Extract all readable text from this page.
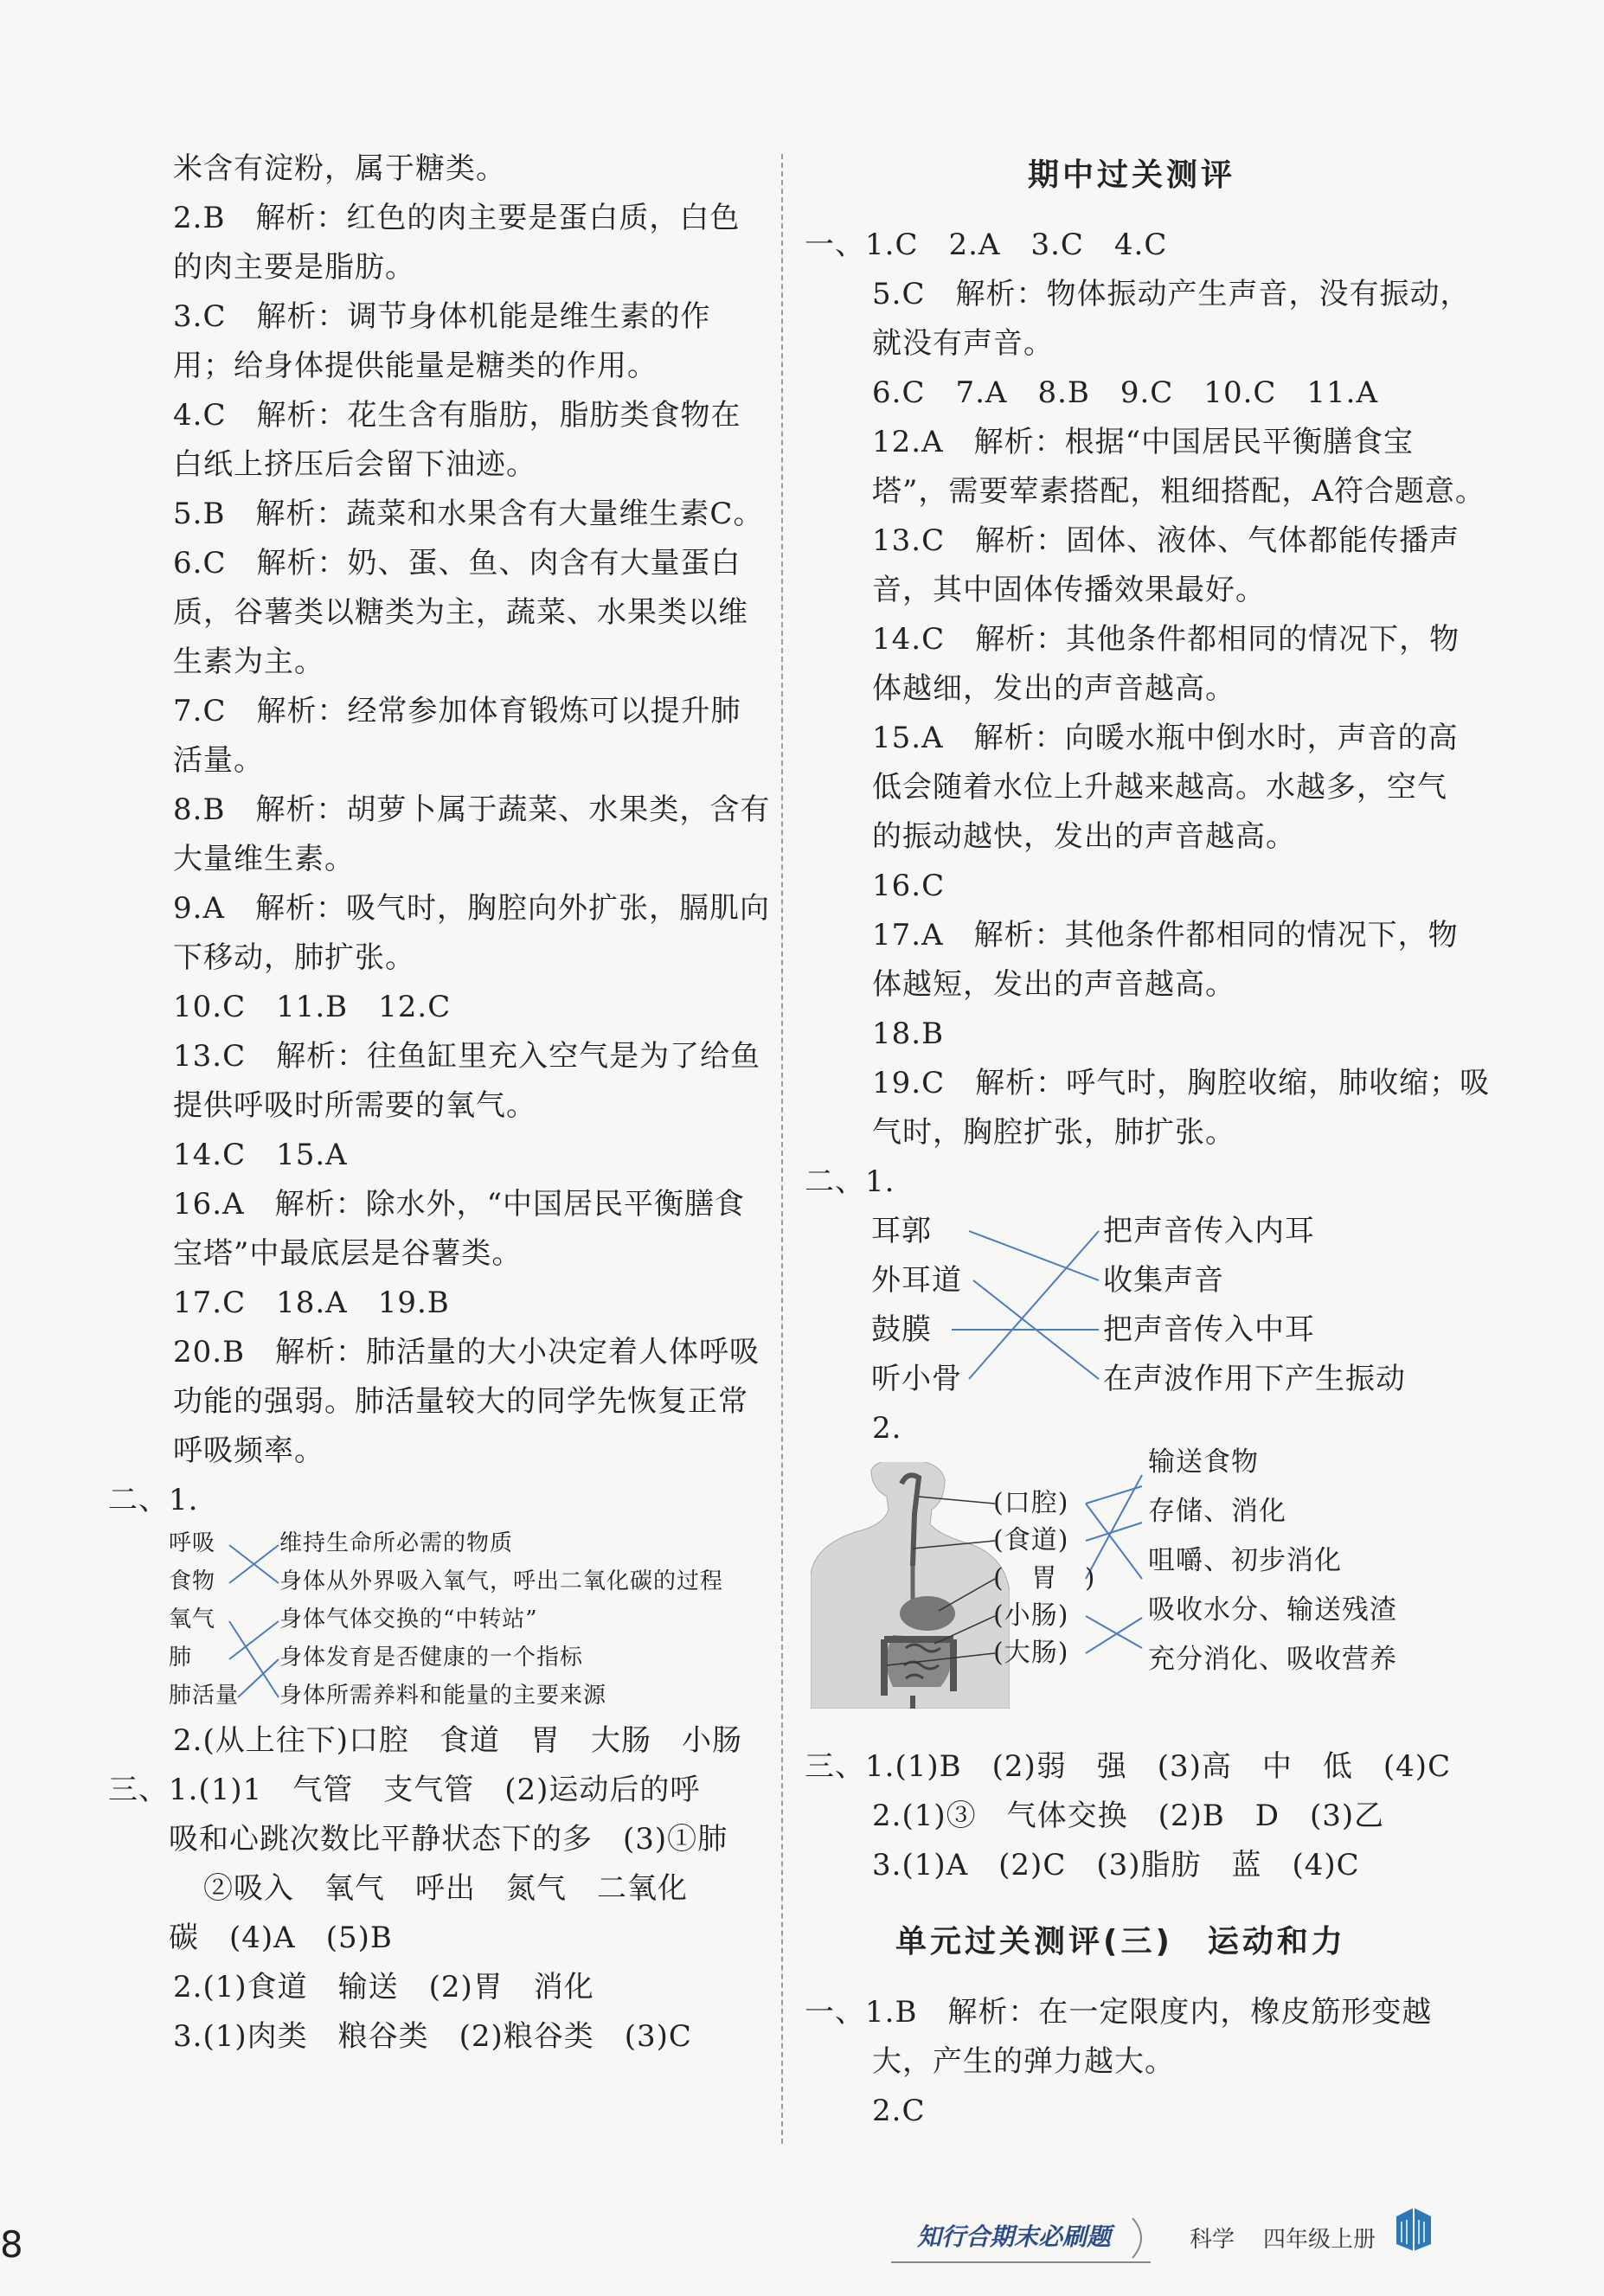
米含有淀粉，属于糖类。
2.B　解析：红色的肉主要是蛋白质，白色
的肉主要是脂肪。
3.C　解析：调节身体机能是维生素的作
用；给身体提供能量是糖类的作用。
4.C　解析：花生含有脂肪，脂肪类食物在
白纸上挤压后会留下油迹。
5.B　解析：蔬菜和水果含有大量维生素C。
6.C　解析：奶、蛋、鱼、肉含有大量蛋白
质，谷薯类以糖类为主，蔬菜、水果类以维
生素为主。
7.C　解析：经常参加体育锻炼可以提升肺
活量。
8.B　解析：胡萝卜属于蔬菜、水果类，含有
大量维生素。
9.A　解析：吸气时，胸腔向外扩张，膈肌向
下移动，肺扩张。
10.C　11.B　12.C
13.C　解析：往鱼缸里充入空气是为了给鱼
提供呼吸时所需要的氧气。
14.C　15.A
16.A　解析：除水外，“中国居民平衡膳食
宝塔”中最底层是谷薯类。
17.C　18.A　19.B
20.B　解析：肺活量的大小决定着人体呼吸
功能的强弱。肺活量较大的同学先恢复正常
呼吸频率。
二、1.
呼吸
食物
氧气
肺
肺活量
维持生命所必需的物质
身体从外界吸入氧气，呼出二氧化碳的过程
身体气体交换的“中转站”
身体发育是否健康的一个指标
身体所需养料和能量的主要来源
2.(从上往下)口腔　食道　胃　大肠　小肠
三、1.(1)1　气管　支气管　(2)运动后的呼
吸和心跳次数比平静状态下的多　(3)①肺
②吸入　氧气　呼出　氮气　二氧化
碳　(4)A　(5)B
2.(1)食道　输送　(2)胃　消化
3.(1)肉类　粮谷类　(2)粮谷类　(3)C
期中过关测评
一、1.C　2.A　3.C　4.C
5.C　解析：物体振动产生声音，没有振动，
就没有声音。
6.C　7.A　8.B　9.C　10.C　11.A
12.A　解析：根据“中国居民平衡膳食宝
塔”，需要荤素搭配，粗细搭配，A符合题意。
13.C　解析：固体、液体、气体都能传播声
音，其中固体传播效果最好。
14.C　解析：其他条件都相同的情况下，物
体越细，发出的声音越高。
15.A　解析：向暖水瓶中倒水时，声音的高
低会随着水位上升越来越高。水越多，空气
的振动越快，发出的声音越高。
16.C
17.A　解析：其他条件都相同的情况下，物
体越短，发出的声音越高。
18.B
19.C　解析：呼气时，胸腔收缩，肺收缩；吸
气时，胸腔扩张，肺扩张。
二、1.
耳郭
外耳道
鼓膜
听小骨
把声音传入内耳
收集声音
把声音传入中耳
在声波作用下产生振动
2.
(口腔)
(食道)
(　胃　)
(小肠)
(大肠)
输送食物
存储、消化
咀嚼、初步消化
吸收水分、输送残渣
充分消化、吸收营养
三、1.(1)B　(2)弱　强　(3)高　中　低　(4)C
2.(1)③　气体交换　(2)B　D　(3)乙
3.(1)A　(2)C　(3)脂肪　蓝　(4)C
单元过关测评(三)　运动和力
一、1.B　解析：在一定限度内，橡皮筋形变越
大，产生的弹力越大。
2.C
8	知行合期末必刷题	科学 四年级上册
